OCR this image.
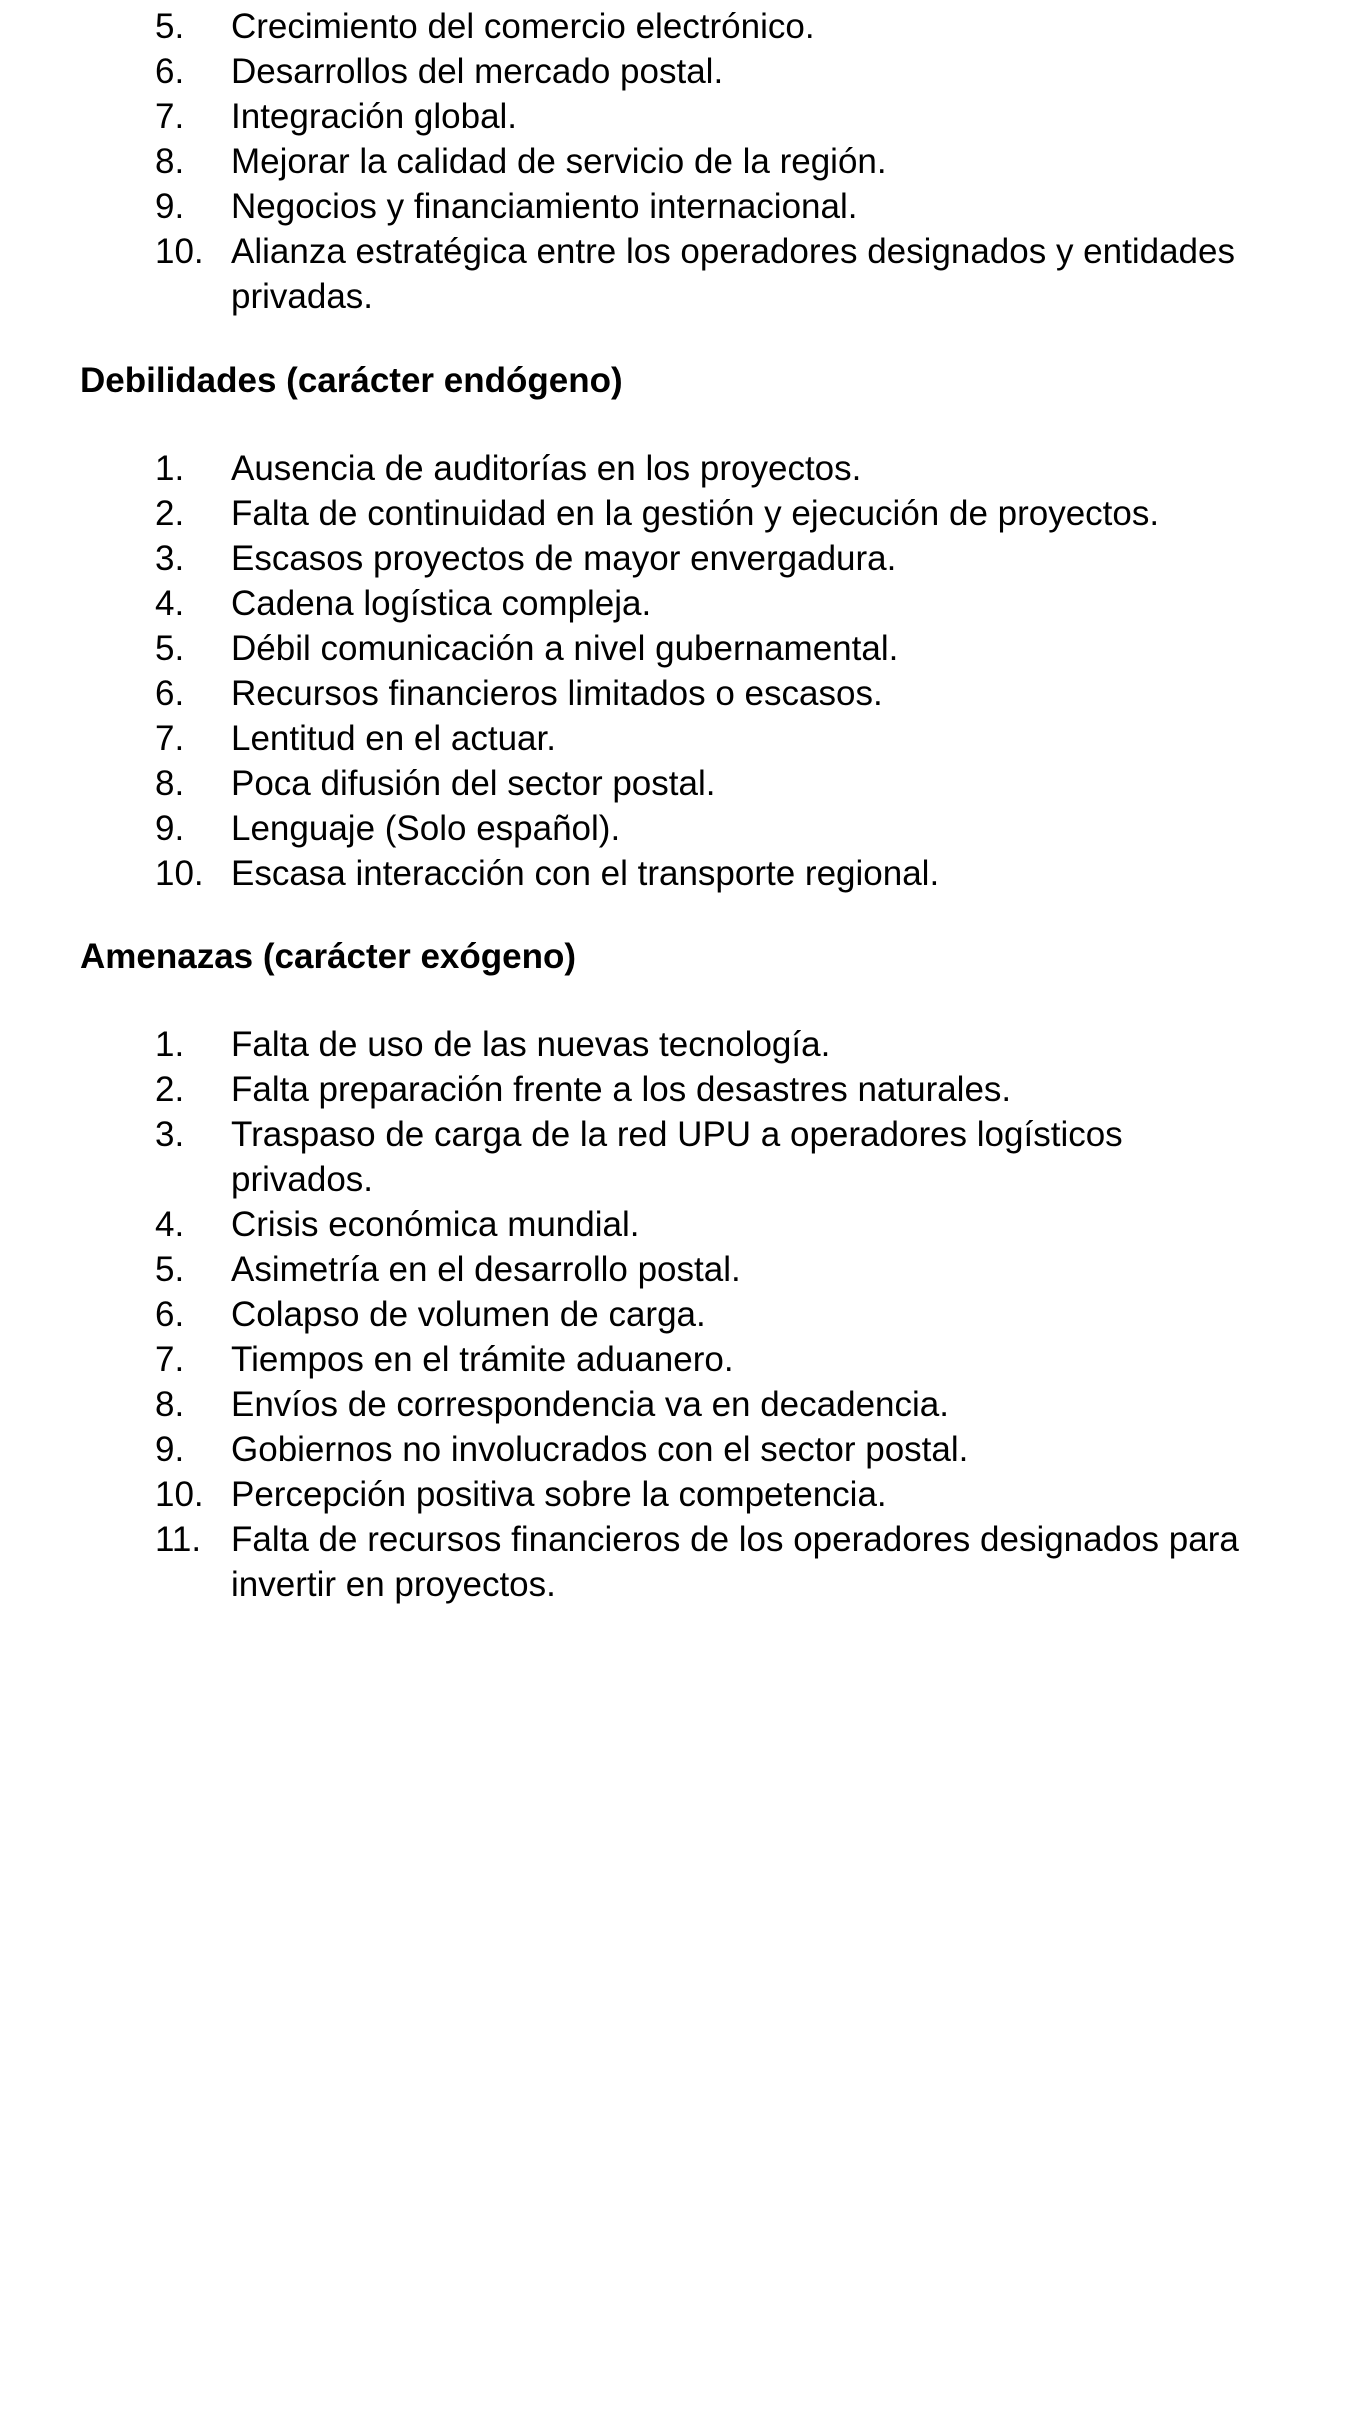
5. Crecimiento del comercio electrónico.
6. Desarrollos del mercado postal.
7. Integración global.
8. Mejorar la calidad de servicio de la región.
9. Negocios y financiamiento internacional.
10. Alianza estratégica entre los operadores designados y entidades privadas.
Debilidades (carácter endógeno)
1. Ausencia de auditorías en los proyectos.
2. Falta de continuidad en la gestión y ejecución de proyectos.
3. Escasos proyectos de mayor envergadura.
4. Cadena logística compleja.
5. Débil comunicación a nivel gubernamental.
6. Recursos financieros limitados o escasos.
7. Lentitud en el actuar.
8. Poca difusión del sector postal.
9. Lenguaje (Solo español).
10. Escasa interacción con el transporte regional.
Amenazas (carácter exógeno)
1. Falta de uso de las nuevas tecnología.
2. Falta preparación frente a los desastres naturales.
3. Traspaso de carga de la red UPU a operadores logísticos privados.
4. Crisis económica mundial.
5. Asimetría en el desarrollo postal.
6. Colapso de volumen de carga.
7. Tiempos en el trámite aduanero.
8. Envíos de correspondencia va en decadencia.
9. Gobiernos no involucrados con el sector postal.
10. Percepción positiva sobre la competencia.
11. Falta de recursos financieros de los operadores designados para invertir en proyectos.
